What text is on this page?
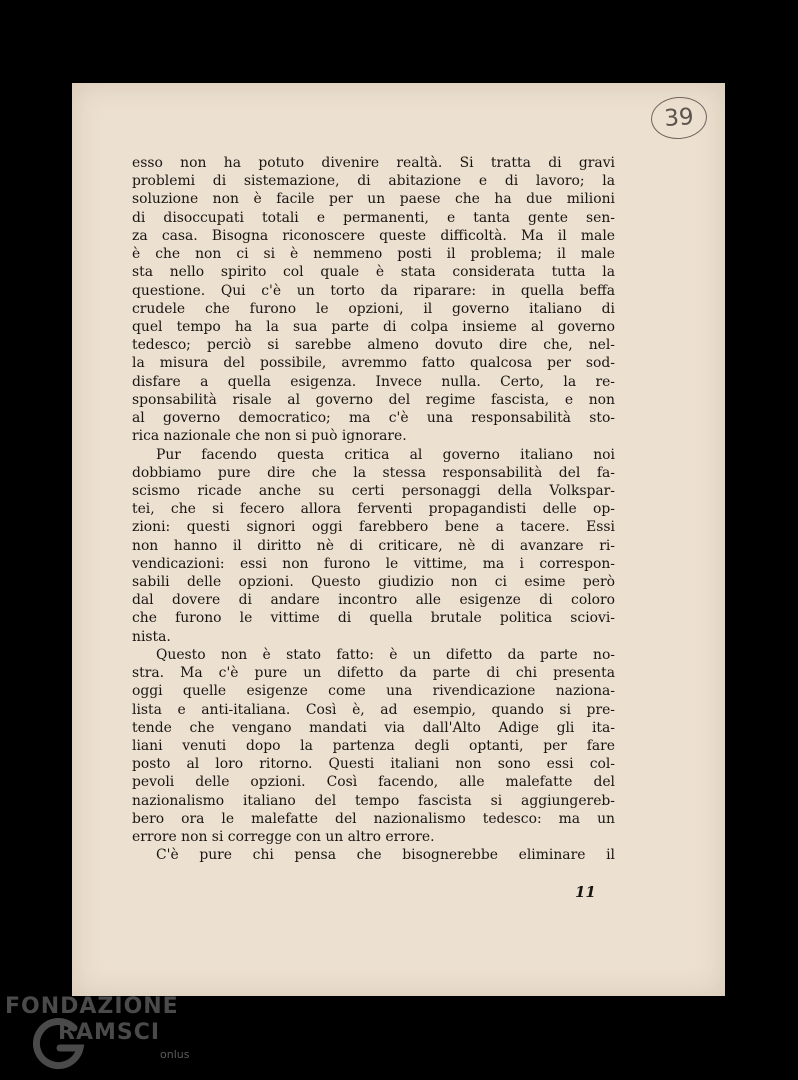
39
esso non ha potuto divenire realtà. Si tratta di gravi
problemi di sistemazione, di abitazione e di lavoro; la
soluzione non è facile per un paese che ha due milioni
di disoccupati totali e permanenti, e tanta gente sen-
za casa. Bisogna riconoscere queste difficoltà. Ma il male
è che non ci si è nemmeno posti il problema; il male
sta nello spirito col quale è stata considerata tutta la
questione. Qui c'è un torto da riparare: in quella beffa
crudele che furono le opzioni, il governo italiano di
quel tempo ha la sua parte di colpa insieme al governo
tedesco; perciò si sarebbe almeno dovuto dire che, nel-
la misura del possibile, avremmo fatto qualcosa per sod-
disfare a quella esigenza. Invece nulla. Certo, la re-
sponsabilità risale al governo del regime fascista, e non
al governo democratico; ma c'è una responsabilità sto-
rica nazionale che non si può ignorare.
Pur facendo questa critica al governo italiano noi
dobbiamo pure dire che la stessa responsabilità del fa-
scismo ricade anche su certi personaggi della Volkspar-
tei, che si fecero allora ferventi propagandisti delle op-
zioni: questi signori oggi farebbero bene a tacere. Essi
non hanno il diritto nè di criticare, nè di avanzare ri-
vendicazioni: essi non furono le vittime, ma i correspon-
sabili delle opzioni. Questo giudizio non ci esime però
dal dovere di andare incontro alle esigenze di coloro
che furono le vittime di quella brutale politica sciovi-
nista.
Questo non è stato fatto: è un difetto da parte no-
stra. Ma c'è pure un difetto da parte di chi presenta
oggi quelle esigenze come una rivendicazione naziona-
lista e anti-italiana. Così è, ad esempio, quando si pre-
tende che vengano mandati via dall'Alto Adige gli ita-
liani venuti dopo la partenza degli optanti, per fare
posto al loro ritorno. Questi italiani non sono essi col-
pevoli delle opzioni. Così facendo, alle malefatte del
nazionalismo italiano del tempo fascista si aggiungereb-
bero ora le malefatte del nazionalismo tedesco: ma un
errore non si corregge con un altro errore.
C'è pure chi pensa che bisognerebbe eliminare il
11
FONDAZIONE
RAMSCI
onlus
